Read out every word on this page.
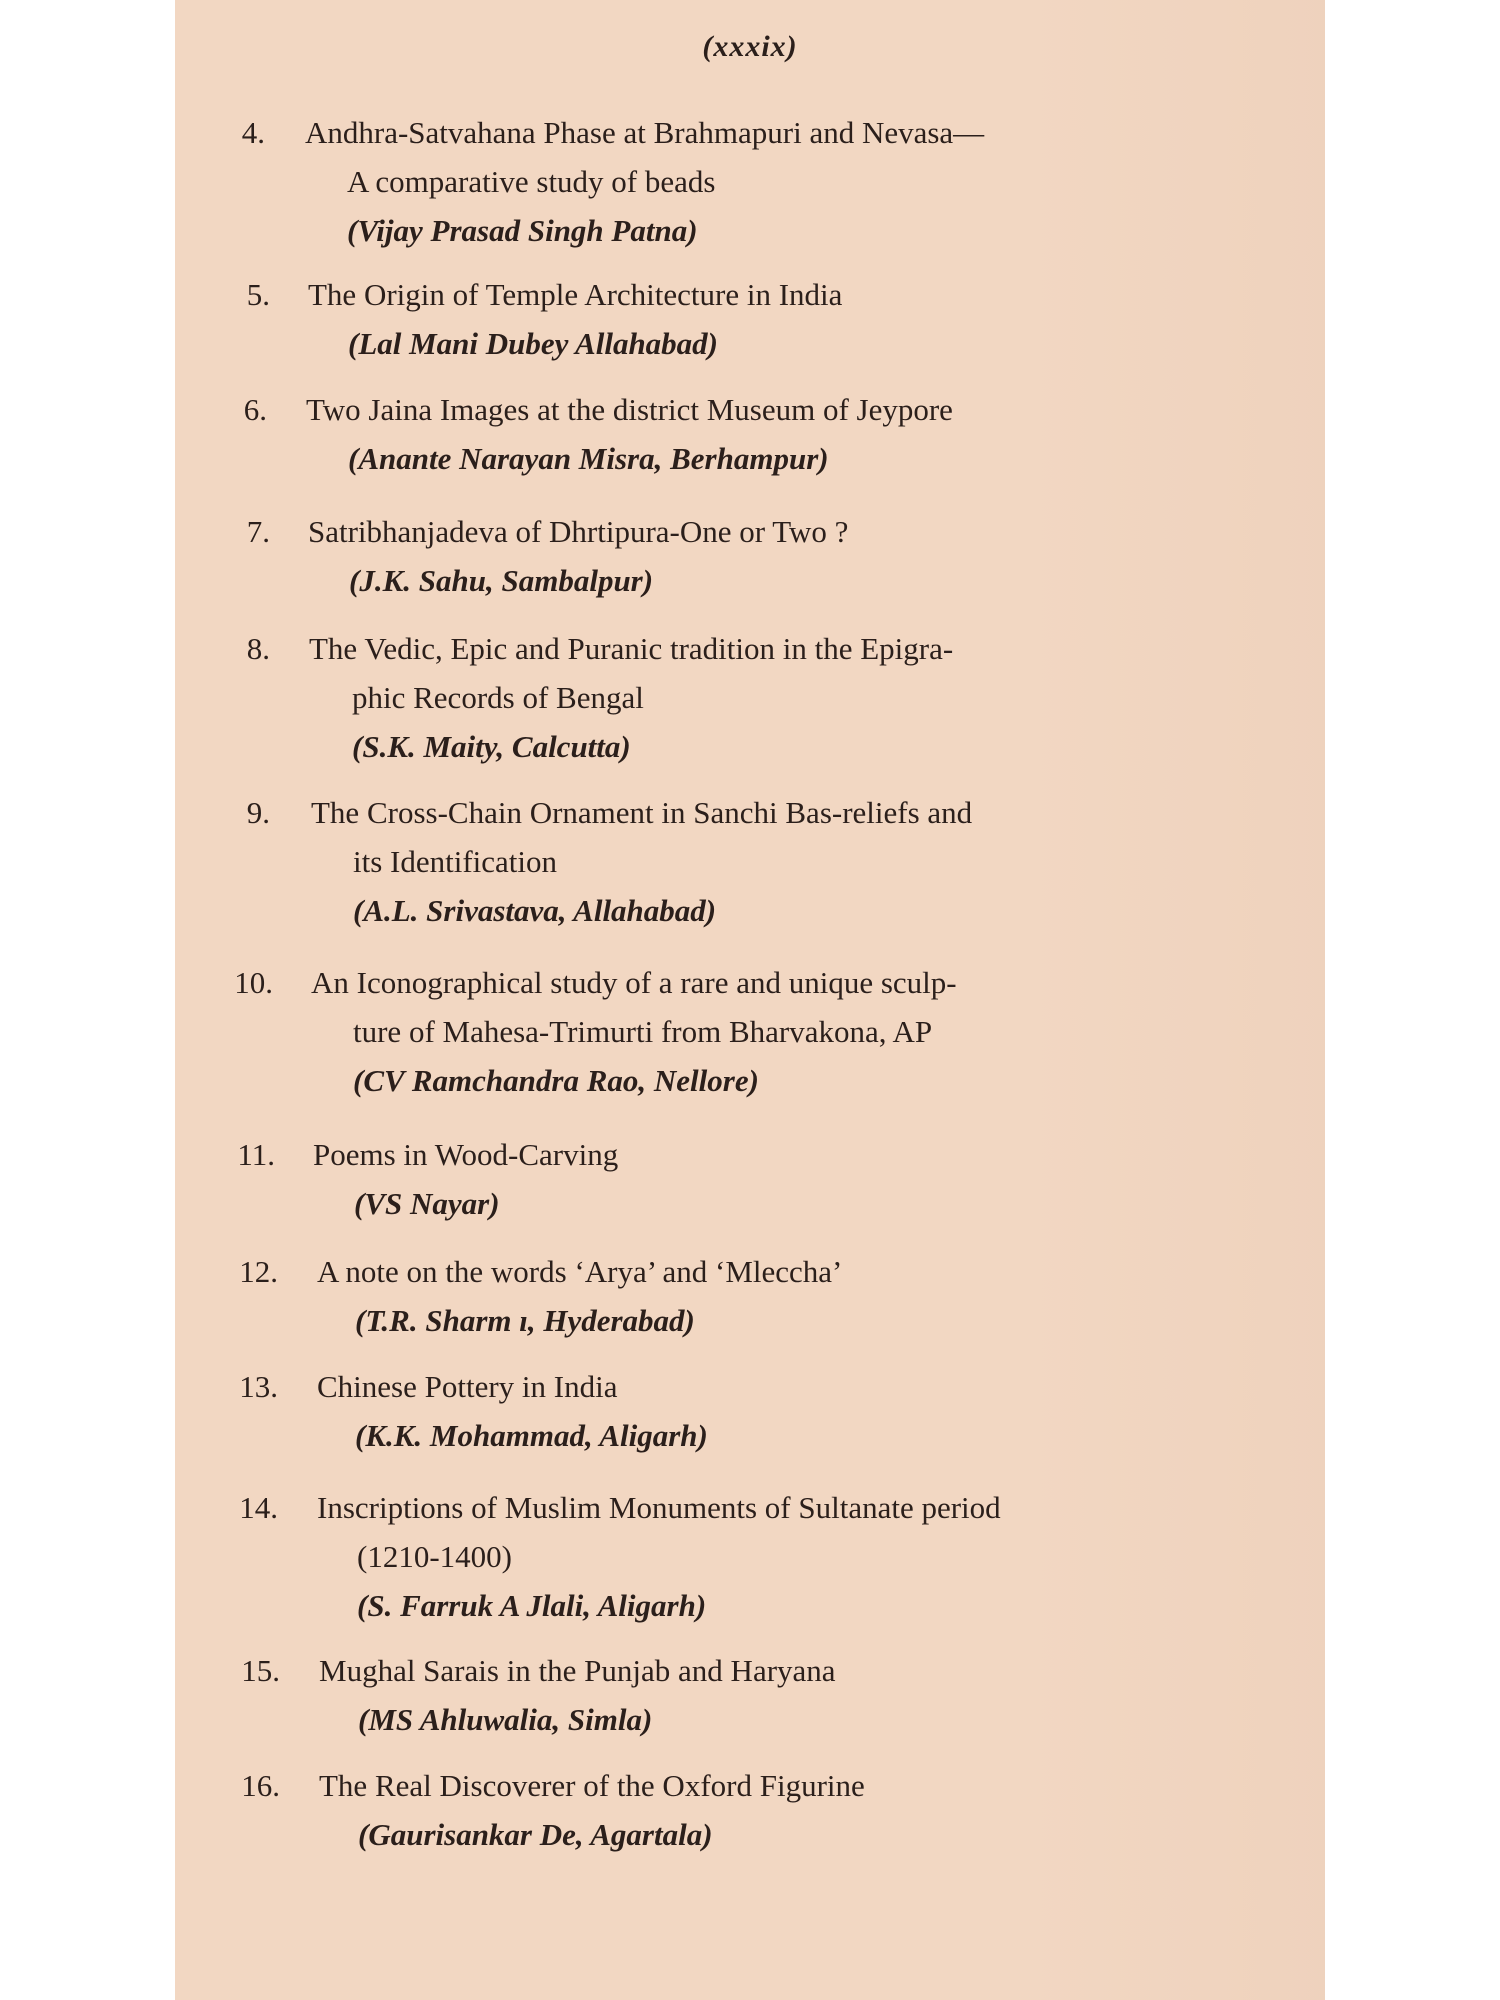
(xxxix)
4. Andhra-Satvahana Phase at Brahmapuri and Nevasa—
A comparative study of beads
(Vijay Prasad Singh Patna)
5. The Origin of Temple Architecture in India
(Lal Mani Dubey Allahabad)
6. Two Jaina Images at the district Museum of Jeypore
(Anante Narayan Misra, Berhampur)
7. Satribhanjadeva of Dhrtipura-One or Two ?
(J.K. Sahu, Sambalpur)
8. The Vedic, Epic and Puranic tradition in the Epigra-
phic Records of Bengal
(S.K. Maity, Calcutta)
9. The Cross-Chain Ornament in Sanchi Bas-reliefs and
its Identification
(A.L. Srivastava, Allahabad)
10. An Iconographical study of a rare and unique sculp-
ture of Mahesa-Trimurti from Bharvakona, AP
(CV Ramchandra Rao, Nellore)
11. Poems in Wood-Carving
(VS Nayar)
12. A note on the words ‘Arya’ and ‘Mleccha’
(T.R. Sharm ı, Hyderabad)
13. Chinese Pottery in India
(K.K. Mohammad, Aligarh)
14. Inscriptions of Muslim Monuments of Sultanate period
(1210-1400)
(S. Farruk A Jlali, Aligarh)
15. Mughal Sarais in the Punjab and Haryana
(MS Ahluwalia, Simla)
16. The Real Discoverer of the Oxford Figurine
(Gaurisankar De, Agartala)
